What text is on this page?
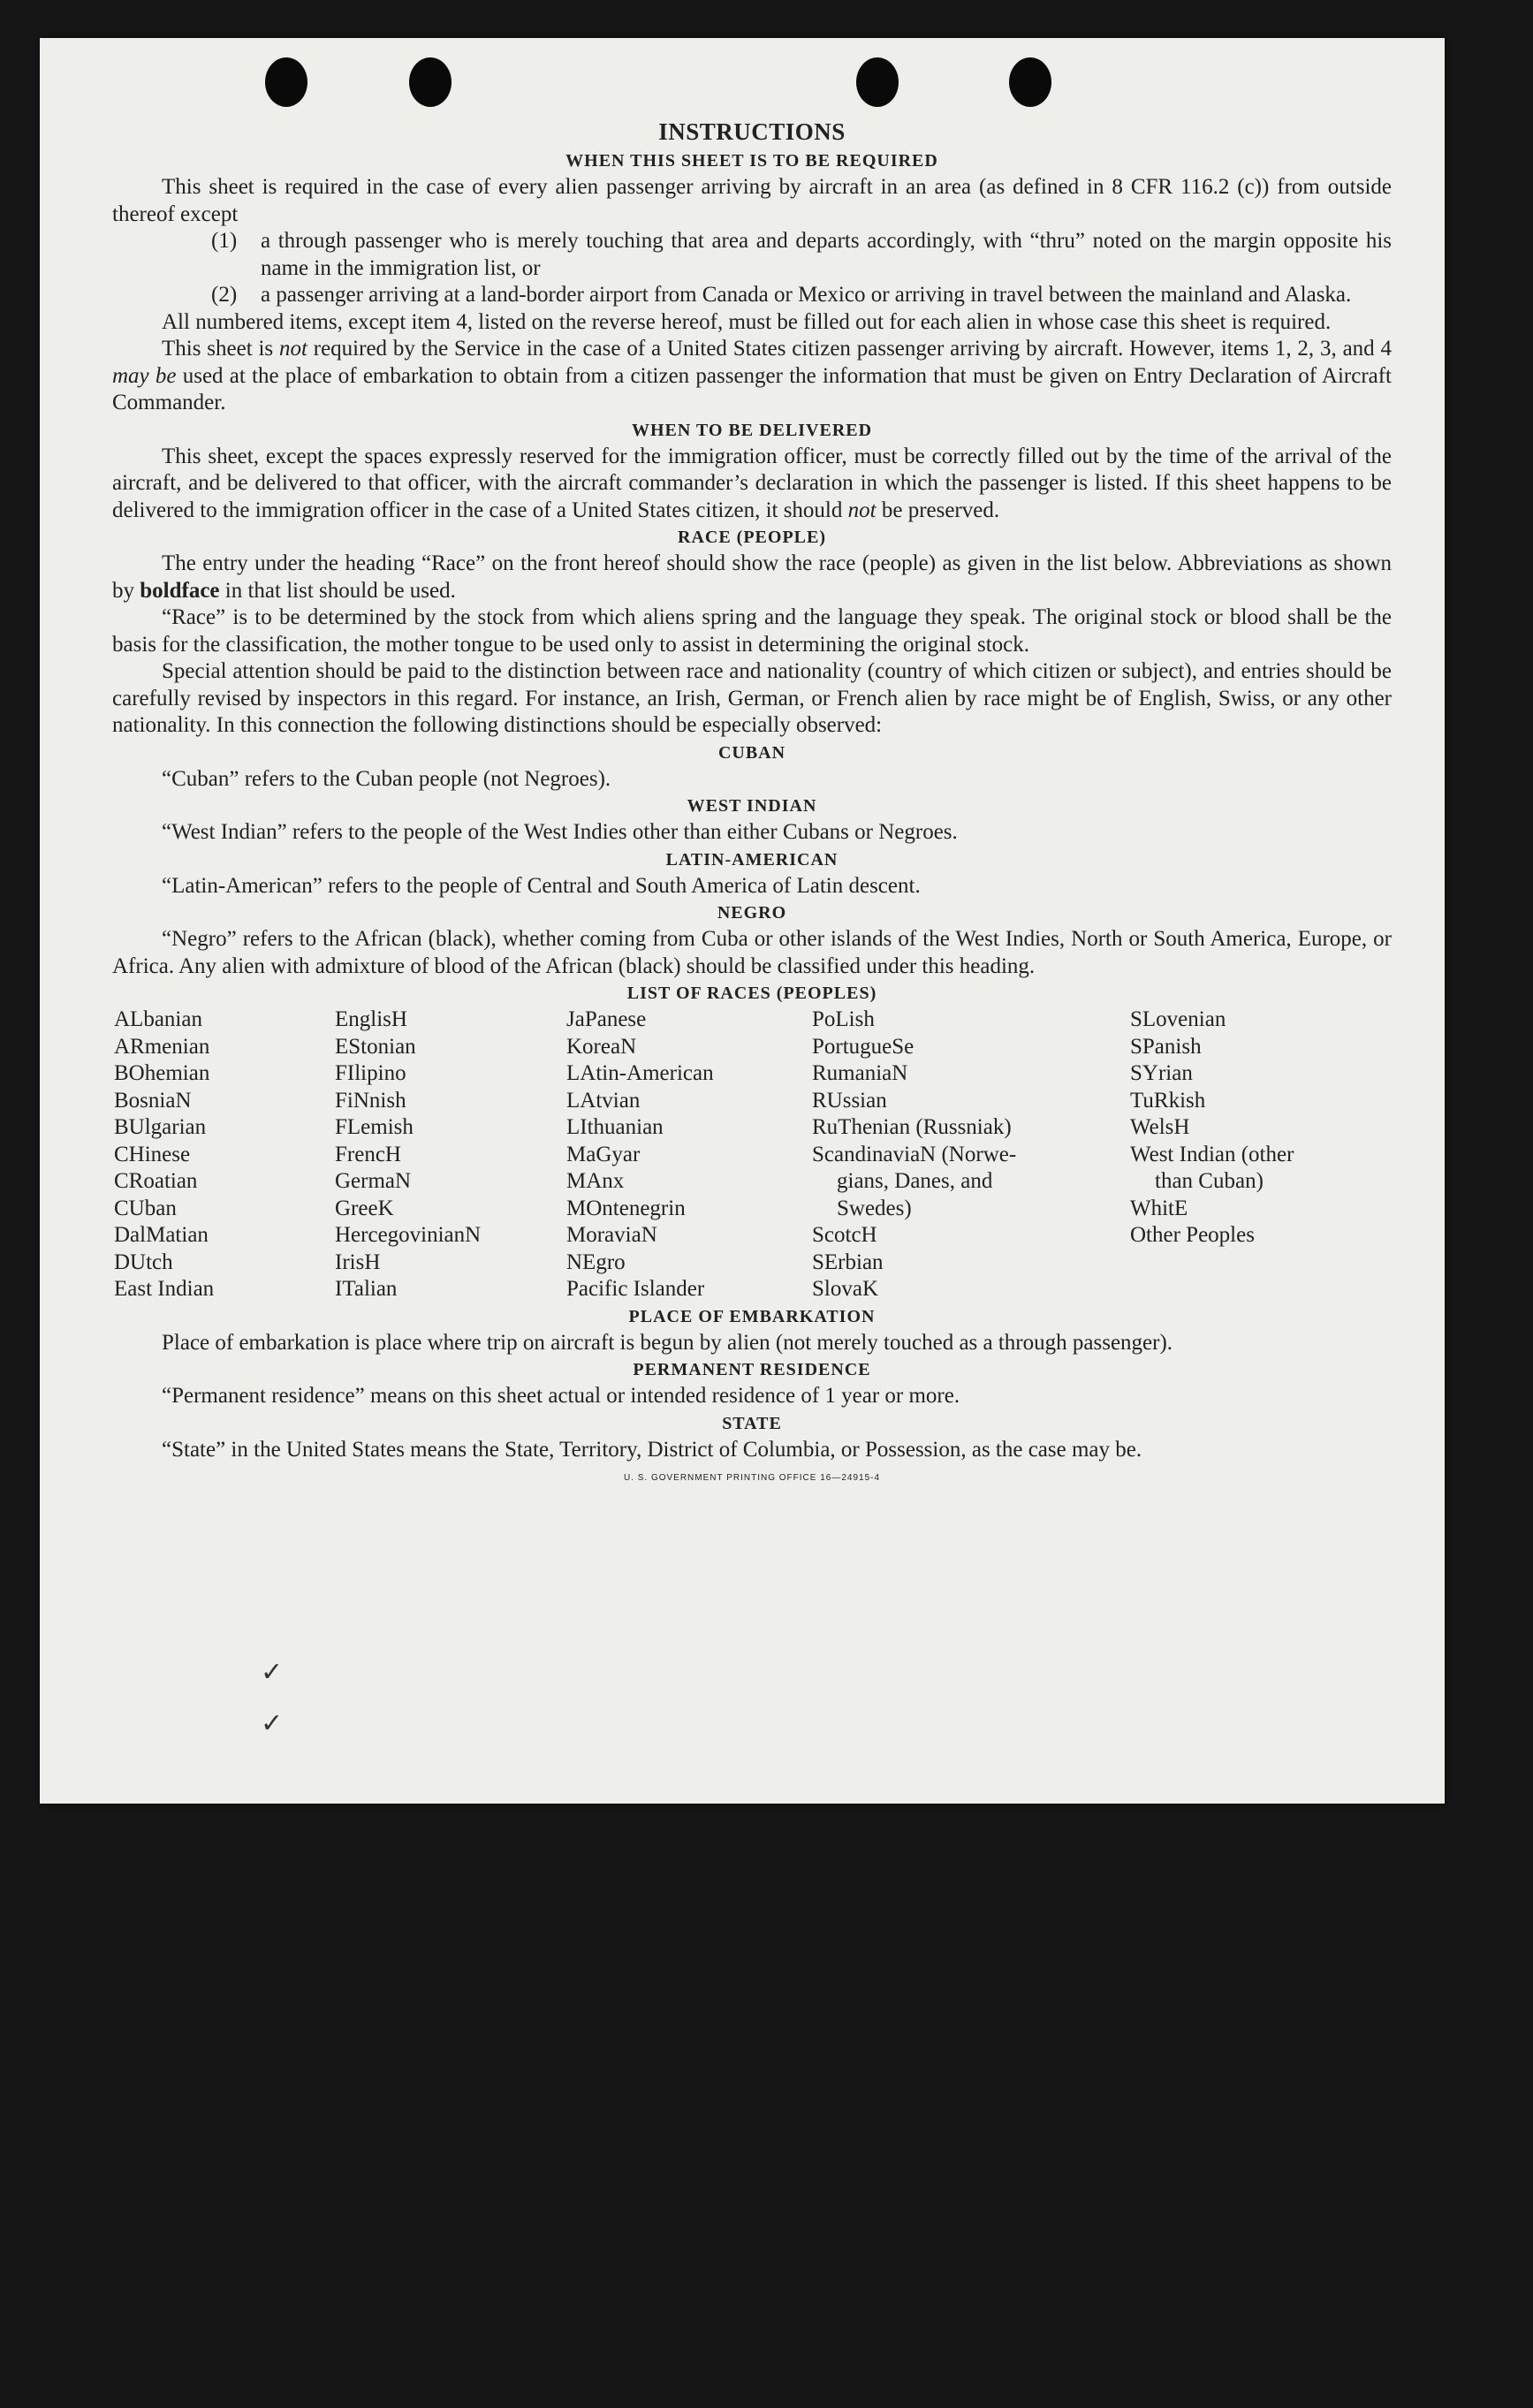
✓
✓
INSTRUCTIONS
WHEN THIS SHEET IS TO BE REQUIRED

This sheet is required in the case of every alien passenger arriving by aircraft in an area (as defined in 8 CFR 116.2 (c)) from outside thereof except

(1)	a through passenger who is merely touching that area and departs accordingly, with “thru” noted on the margin opposite his name in the immigration list, or
(2)	a passenger arriving at a land-border airport from Canada or Mexico or arriving in travel between the mainland and Alaska.

All numbered items, except item 4, listed on the reverse hereof, must be filled out for each alien in whose case this sheet is required.

This sheet is not required by the Service in the case of a United States citizen passenger arriving by aircraft. However, items 1, 2, 3, and 4 may be used at the place of embarkation to obtain from a citizen passenger the information that must be given on Entry Declaration of Aircraft Commander.

WHEN TO BE DELIVERED

This sheet, except the spaces expressly reserved for the immigration officer, must be correctly filled out by the time of the arrival of the aircraft, and be delivered to that officer, with the aircraft commander’s declaration in which the passenger is listed. If this sheet happens to be delivered to the immigration officer in the case of a United States citizen, it should not be preserved.

RACE (PEOPLE)

The entry under the heading “Race” on the front hereof should show the race (people) as given in the list below. Abbreviations as shown by boldface in that list should be used.

“Race” is to be determined by the stock from which aliens spring and the language they speak. The original stock or blood shall be the basis for the classification, the mother tongue to be used only to assist in determining the original stock.

Special attention should be paid to the distinction between race and nationality (country of which citizen or subject), and entries should be carefully revised by inspectors in this regard. For instance, an Irish, German, or French alien by race might be of English, Swiss, or any other nationality. In this connection the following distinctions should be especially observed:

CUBAN

“Cuban” refers to the Cuban people (not Negroes).

WEST INDIAN

“West Indian” refers to the people of the West Indies other than either Cubans or Negroes.

LATIN-AMERICAN

“Latin-American” refers to the people of Central and South America of Latin descent.

NEGRO

“Negro” refers to the African (black), whether coming from Cuba or other islands of the West Indies, North or South America, Europe, or Africa. Any alien with admixture of blood of the African (black) should be classified under this heading.

LIST OF RACES (PEOPLES)
ALbanian
ARmenian
BOhemian
BosniaN
BUlgarian
CHinese
CRoatian
CUban
DalMatian
DUtch
East Indian
EnglisH
EStonian
FIlipino
FiNnish
FLemish
FrencH
GermaN
GreeK
HercegovinianN
IrisH
ITalian
JaPanese
KoreaN
LAtin-American
LAtvian
LIthuanian
MaGyar
MAnx
MOntenegrin
MoraviaN
NEgro
Pacific Islander
PoLish
PortugueSe
RumaniaN
RUssian
RuThenian (Russniak)
ScandinaviaN (Norwe-
gians, Danes, and
Swedes)
ScotcH
SErbian
SlovaK
SLovenian
SPanish
SYrian
TuRkish
WelsH
West Indian (other
than Cuban)
WhitE
Other Peoples
PLACE OF EMBARKATION

Place of embarkation is place where trip on aircraft is begun by alien (not merely touched as a through passenger).

PERMANENT RESIDENCE

“Permanent residence” means on this sheet actual or intended residence of 1 year or more.

STATE

“State” in the United States means the State, Territory, District of Columbia, or Possession, as the case may be.

U. S. GOVERNMENT PRINTING OFFICE 16—24915-4
